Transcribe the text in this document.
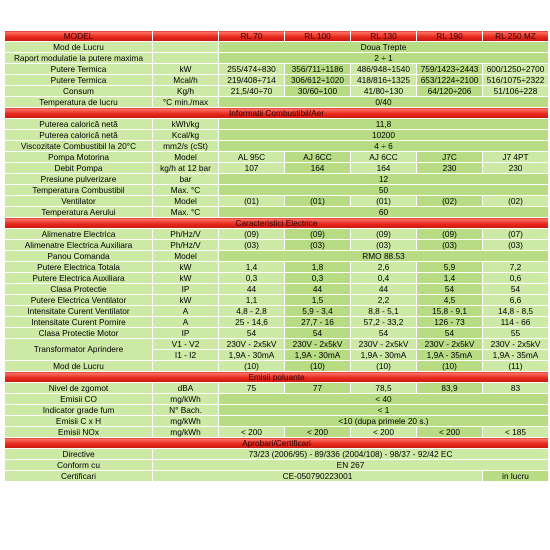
MODEL		RL 70	RL 100	RL 130	RL 190	RL 250 MZ
Mod de Lucru		Doua Trepte				
Raport modulatie la putere maxima		2 ÷ 1				
Putere Termica	kW	255/474÷830	356/711÷1186	486/948÷1540	759/1423÷2443	600/1250÷2700
Putere Termica	Mcal/h	219/408÷714	306/612÷1020	418/816÷1325	653/1224÷2100	516/1075÷2322
Consum	Kg/h	21,5/40÷70	30/60÷100	41/80÷130	64/120÷206	51/106÷228
Temperatura de lucru	°C min./max	0/40				
Informatii Combustibil/Aer						
Puterea calorică netă	kWh/kg	11,8				
Puterea calorică netă	Kcal/kg	10200				
Viscozitate Combustibil la 20°C	mm2/s (cSt)	4 ÷ 6				
Pompa Motorina	Model	AL 95C	AJ 6CC	AJ 6CC	J7C	J7 4PT
Debit Pompa	kg/h at 12 bar	107	164	164	230	230
Presiune pulverizare	bar	12				
Temperatura Combustibil	Max. °C	50				
Ventilator	Model	(01)	(01)	(01)	(02)	(02)
Temperatura Aerului	Max. °C	60				
Caracteristici Electrice						
Alimenatre Electrica	Ph/Hz/V	(09)	(09)	(09)	(09)	(07)
Alimenatre Electrica Auxiliara	Ph/Hz/V	(03)	(03)	(03)	(03)	(03)
Panou Comanda	Model	RMO 88.53				
Putere Electrica Totala	kW	1,4	1,8	2,6	5,9	7,2
Putere Electrica Auxiliara	kW	0,3	0,3	0,4	1,4	0,6
Clasa Protectie	IP	44	44	44	54	54
Putere Electrica Ventilator	kW	1,1	1,5	2,2	4,5	6,6
Intensitate Curent Ventilator	A	4,8 - 2,8	5,9 - 3,4	8,8 - 5,1	15,8 - 9,1	14,8 - 8,5
Intensitate Curent Pornire	A	25 - 14,6	27,7 - 16	57,2 - 33,2	126 - 73	114 - 66
Clasa Protectie Motor	IP	54	54	54	54	55
Transformator Aprindere	V1 - V2	230V - 2x5kV	230V - 2x5kV	230V - 2x5kV	230V - 2x5kV	230V - 2x5kV
	I1 - I2	1,9A - 30mA	1,9A - 30mA	1,9A - 30mA	1,9A - 35mA	1,9A - 35mA
Mod de Lucru		(10)	(10)	(10)	(10)	(11)
Emisii poluante						
Nivel de zgomot	dBA	75	77	78,5	83,9	83
Emisii CO	mg/kWh	< 40				
Indicator grade fum	N° Bach.	< 1				
Emisii C x H	mg/kWh	<10 (dupa primele 20 s.)				
Emisii NOx	mg/kWh	< 200	< 200	< 200	< 200	< 185
Aprobari/Certificari						
Directive	73/23 (2006/95) - 89/336 (2004/108) - 98/37 - 92/42 EC					
Conform cu	EN 267					
Certificari	CE-050790223001					in lucru
